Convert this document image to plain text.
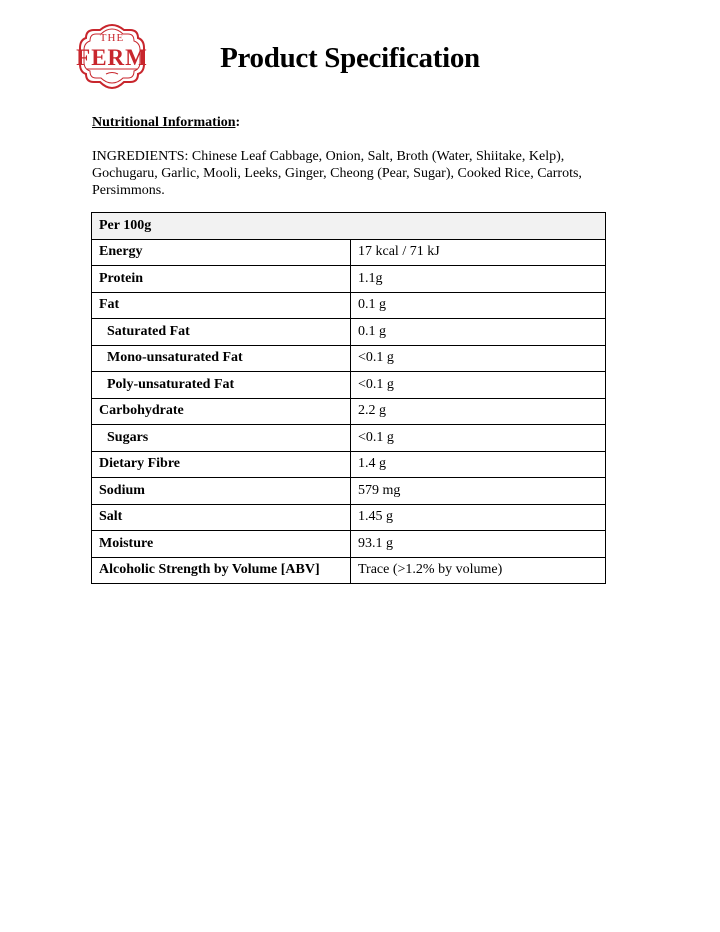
THE
FERM	Product Specification
Nutritional Information:
INGREDIENTS: Chinese Leaf Cabbage, Onion, Salt, Broth (Water, Shiitake, Kelp), Gochugaru, Garlic, Mooli, Leeks, Ginger, Cheong (Pear, Sugar), Cooked Rice, Carrots, Persimmons.
Per 100g	
Energy	17 kcal / 71 kJ
Protein	1.1g
Fat	0.1 g
Saturated Fat	0.1 g
Mono-unsaturated Fat	<0.1 g
Poly-unsaturated Fat	<0.1 g
Carbohydrate	2.2 g
Sugars	<0.1 g
Dietary Fibre	1.4 g
Sodium	579 mg
Salt	1.45 g
Moisture	93.1 g
Alcoholic Strength by Volume [ABV]	Trace (>1.2% by volume)
